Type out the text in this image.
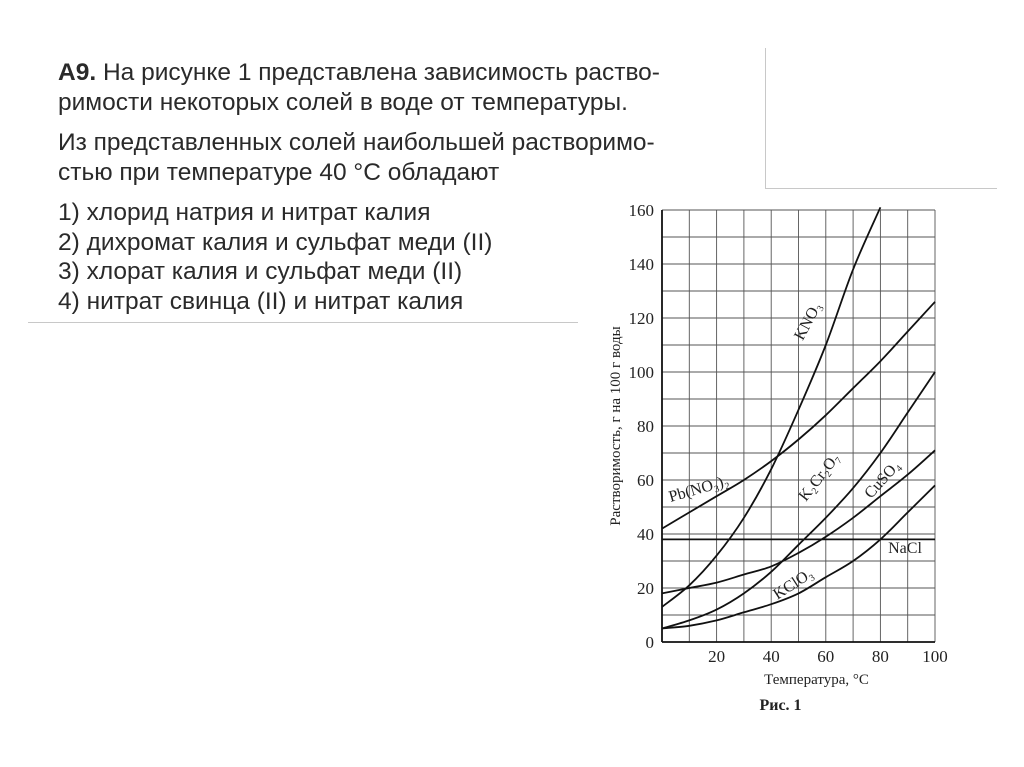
А9. На рисунке 1 представлена зависимость раство-
римости некоторых солей в воде от температуры.
Из представленных солей наибольшей растворимо-
стью при температуре 40 °С обладают
1) хлорид натрия и нитрат калия
2) дихромат калия и сульфат меди (II)
3) хлорат калия и сульфат меди (II)
4) нитрат свинца (II) и нитрат калия
0
20
40
60
80
100
120
140
160
20 40 60 80 100
Температура, °С
Растворимость, г на 100 г воды
Рис. 1
KNO₃
Pb(NO₃)₂	K₂Cr₂O₇ CuSO₄
NaCl
KClO₃
